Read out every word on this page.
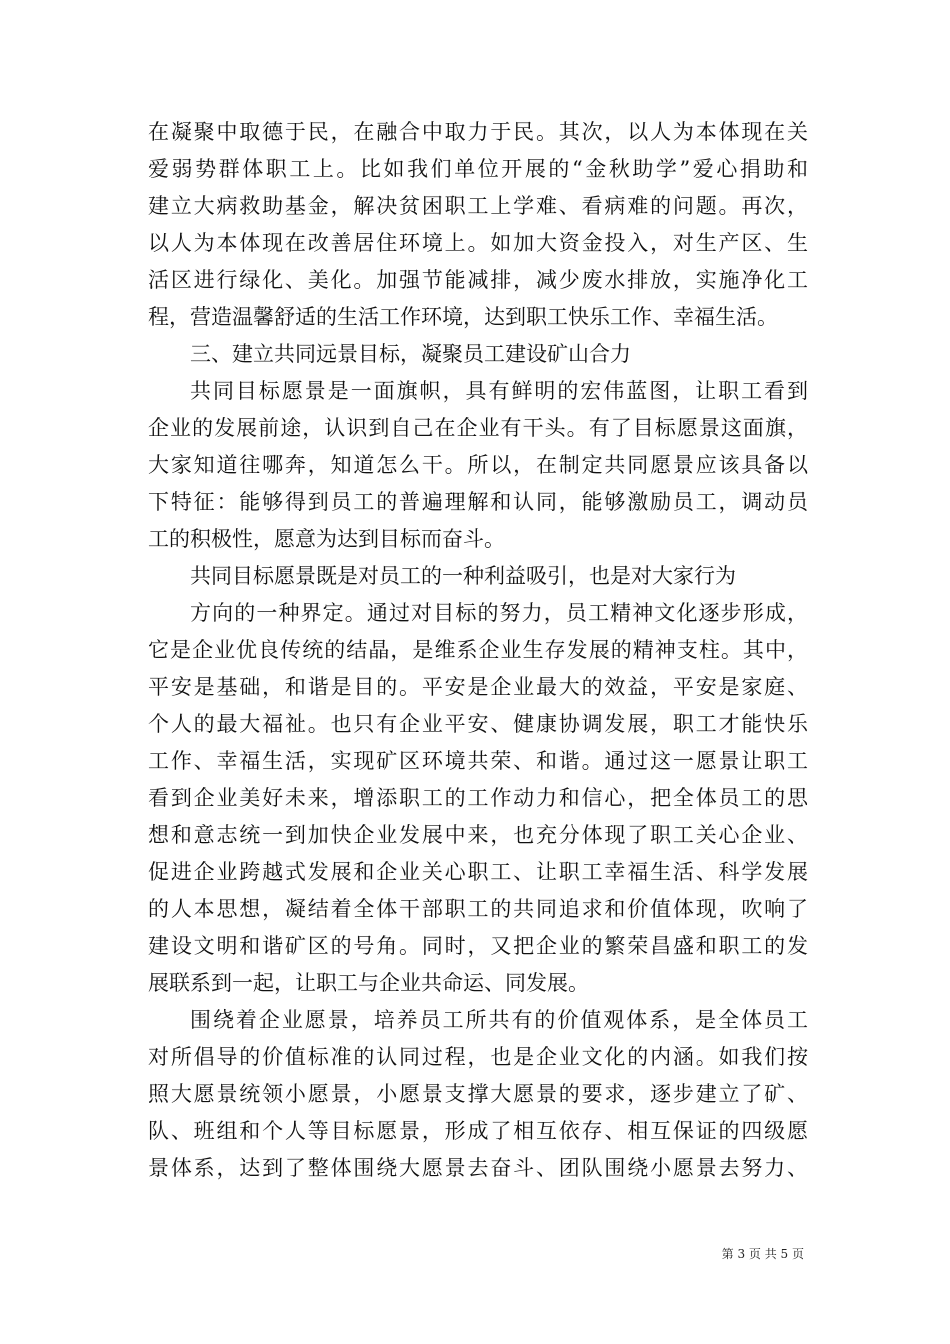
在凝聚中取德于民，在融合中取力于民。其次，以人为本体现在关
爱弱势群体职工上。比如我们单位开展的“金秋助学”爱心捐助和
建立大病救助基金，解决贫困职工上学难、看病难的问题。再次，
以人为本体现在改善居住环境上。如加大资金投入，对生产区、生
活区进行绿化、美化。加强节能减排，减少废水排放，实施净化工
程，营造温馨舒适的生活工作环境，达到职工快乐工作、幸福生活。
三、建立共同远景目标，凝聚员工建设矿山合力
共同目标愿景是一面旗帜，具有鲜明的宏伟蓝图，让职工看到
企业的发展前途，认识到自己在企业有干头。有了目标愿景这面旗，
大家知道往哪奔，知道怎么干。所以，在制定共同愿景应该具备以
下特征：能够得到员工的普遍理解和认同，能够激励员工，调动员
工的积极性，愿意为达到目标而奋斗。
共同目标愿景既是对员工的一种利益吸引，也是对大家行为
方向的一种界定。通过对目标的努力，员工精神文化逐步形成，
它是企业优良传统的结晶，是维系企业生存发展的精神支柱。其中，
平安是基础，和谐是目的。平安是企业最大的效益，平安是家庭、
个人的最大福祉。也只有企业平安、健康协调发展，职工才能快乐
工作、幸福生活，实现矿区环境共荣、和谐。通过这一愿景让职工
看到企业美好未来，增添职工的工作动力和信心，把全体员工的思
想和意志统一到加快企业发展中来，也充分体现了职工关心企业、
促进企业跨越式发展和企业关心职工、让职工幸福生活、科学发展
的人本思想，凝结着全体干部职工的共同追求和价值体现，吹响了
建设文明和谐矿区的号角。同时，又把企业的繁荣昌盛和职工的发
展联系到一起，让职工与企业共命运、同发展。
围绕着企业愿景，培养员工所共有的价值观体系，是全体员工
对所倡导的价值标准的认同过程，也是企业文化的内涵。如我们按
照大愿景统领小愿景，小愿景支撑大愿景的要求，逐步建立了矿、
队、班组和个人等目标愿景，形成了相互依存、相互保证的四级愿
景体系，达到了整体围绕大愿景去奋斗、团队围绕小愿景去努力、
第 3 页 共 5 页
